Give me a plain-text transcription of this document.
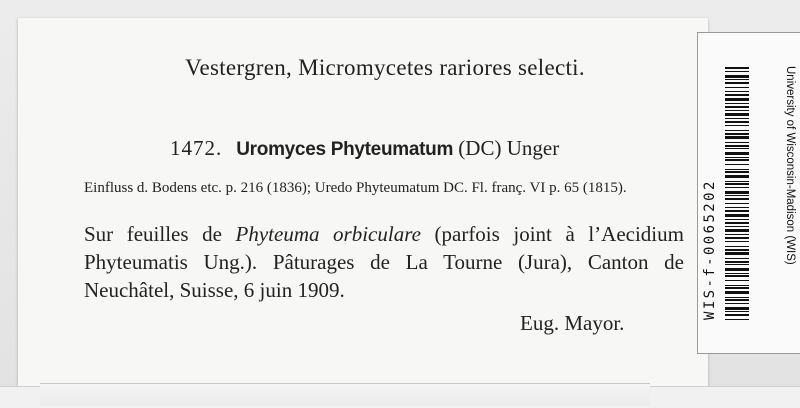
Vestergren, Micromycetes rariores selecti.
1472. Uromyces Phyteumatum (DC) Unger
Einfluss d. Bodens etc. p. 216 (1836); Uredo Phyteumatum DC. Fl. franç. VI p. 65 (1815).
Sur feuilles de Phyteuma orbiculare (parfois joint à l’Aecidium Phyteumatis Ung.). Pâturages de La Tourne (Jura), Canton de Neuchâtel, Suisse, 6 juin 1909.
Eug. Mayor.
WIS-f-0065202	University of Wisconsin-Madison (WIS)
